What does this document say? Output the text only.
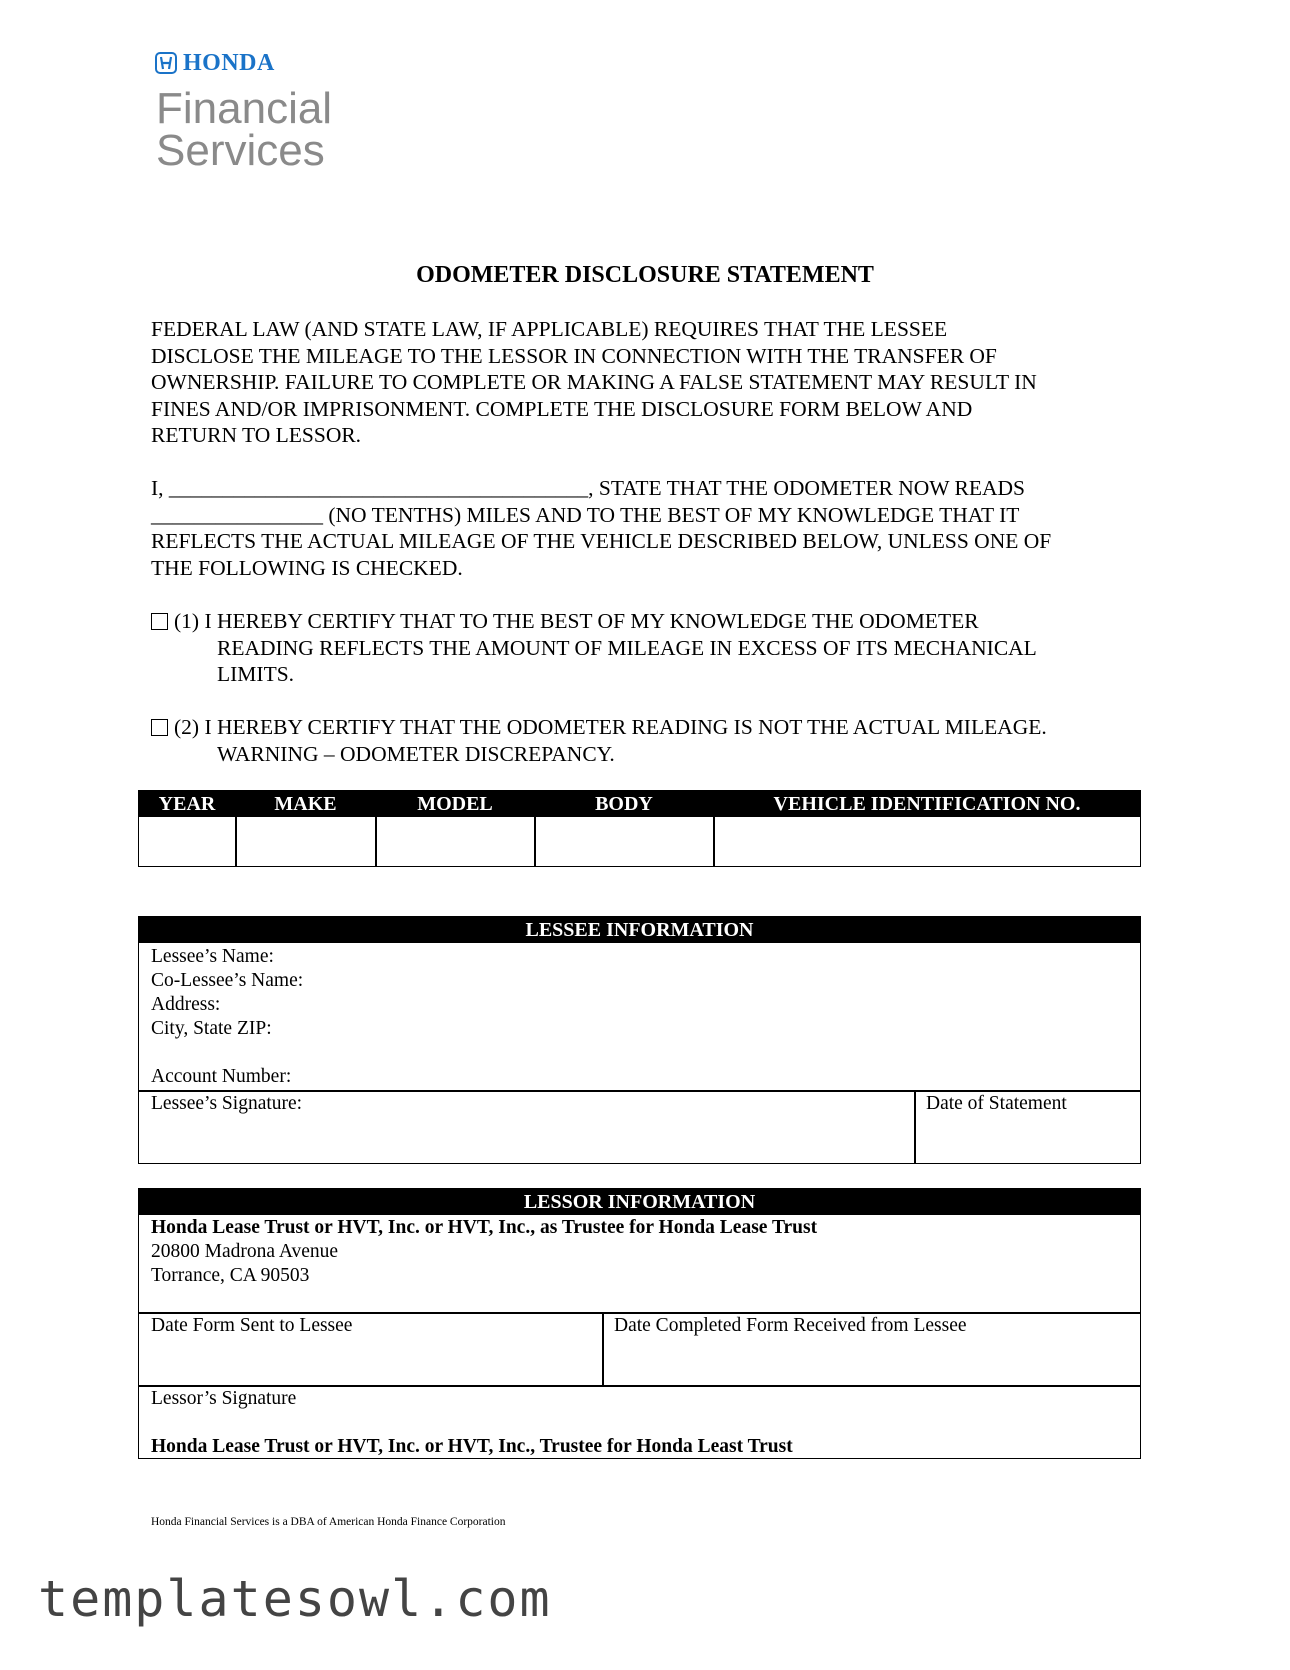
HONDA
Financial
Services
ODOMETER DISCLOSURE STATEMENT
FEDERAL LAW (AND STATE LAW, IF APPLICABLE) REQUIRES THAT THE LESSEE
DISCLOSE THE MILEAGE TO THE LESSOR IN CONNECTION WITH THE TRANSFER OF
OWNERSHIP. FAILURE TO COMPLETE OR MAKING A FALSE STATEMENT MAY RESULT IN
FINES AND/OR IMPRISONMENT. COMPLETE THE DISCLOSURE FORM BELOW AND
RETURN TO LESSOR.
I, _______________________________________, STATE THAT THE ODOMETER NOW READS
________________ (NO TENTHS) MILES AND TO THE BEST OF MY KNOWLEDGE THAT IT
REFLECTS THE ACTUAL MILEAGE OF THE VEHICLE DESCRIBED BELOW, UNLESS ONE OF
THE FOLLOWING IS CHECKED.
(1) I HEREBY CERTIFY THAT TO THE BEST OF MY KNOWLEDGE THE ODOMETER
READING REFLECTS THE AMOUNT OF MILEAGE IN EXCESS OF ITS MECHANICAL
LIMITS.
(2) I HEREBY CERTIFY THAT THE ODOMETER READING IS NOT THE ACTUAL MILEAGE.
WARNING – ODOMETER DISCREPANCY.
YEAR	MAKE	MODEL	BODY	VEHICLE IDENTIFICATION NO.
LESSEE INFORMATION
Lessee’s Name:
Co-Lessee’s Name:
Address:
City, State ZIP:
Account Number:
Lessee’s Signature:	Date of Statement
LESSOR INFORMATION
Honda Lease Trust or HVT, Inc. or HVT, Inc., as Trustee for Honda Lease Trust
20800 Madrona Avenue
Torrance, CA 90503
Date Form Sent to Lessee	Date Completed Form Received from Lessee
Lessor’s Signature
Honda Lease Trust or HVT, Inc. or HVT, Inc., Trustee for Honda Least Trust
Honda Financial Services is a DBA of American Honda Finance Corporation
templatesowl.com
